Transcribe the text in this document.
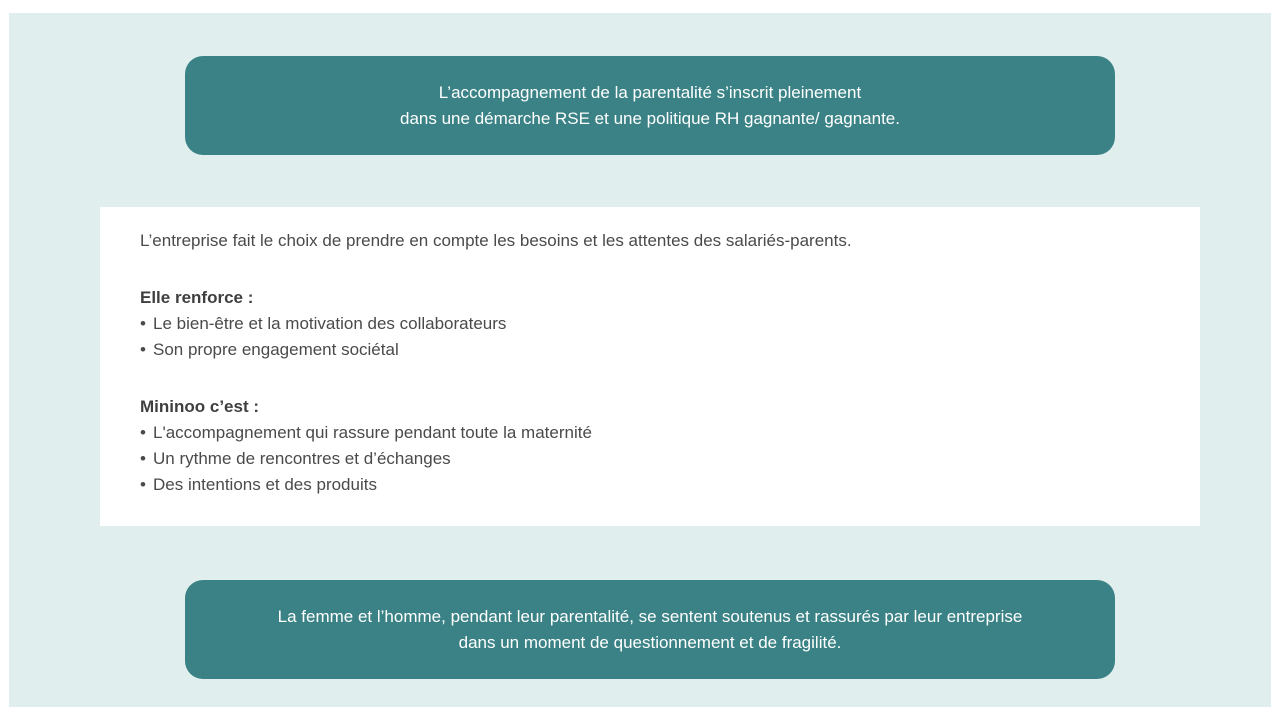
L’accompagnement de la parentalité s’inscrit pleinement
dans une démarche RSE et une politique RH gagnante/ gagnante.

L’entreprise fait le choix de prendre en compte les besoins et les attentes des salariés-parents.

Elle renforce :

• Le bien-être et la motivation des collaborateurs
• Son propre engagement sociétal

Mininoo c’est :

• L'accompagnement qui rassure pendant toute la maternité
• Un rythme de rencontres et d’échanges
• Des intentions et des produits
La femme et l’homme, pendant leur parentalité, se sentent soutenus et rassurés par leur entreprise
dans un moment de questionnement et de fragilité.
